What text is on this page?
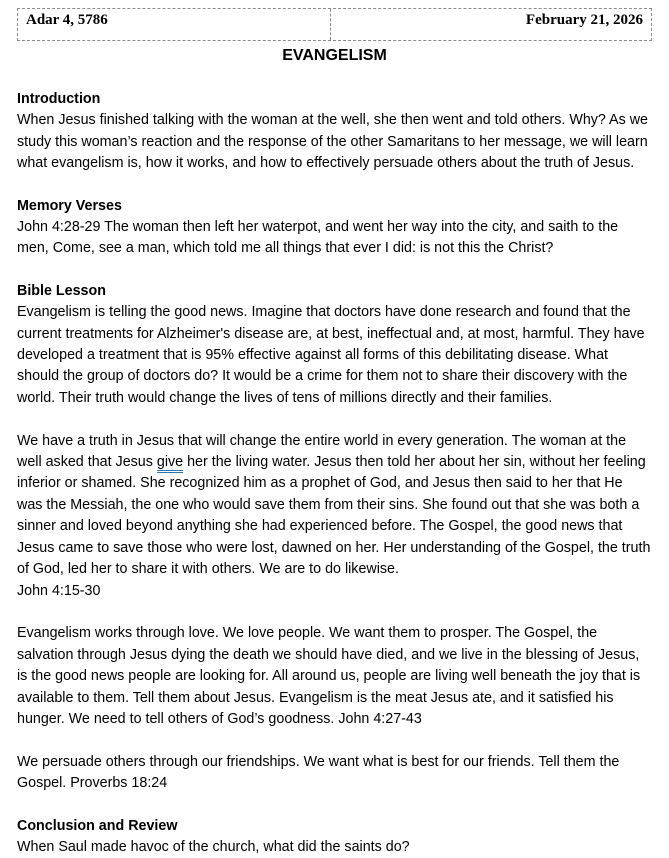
Adar 4, 5786	February 21, 2026
EVANGELISM
Introduction
When Jesus finished talking with the woman at the well, she then went and told others. Why? As we study this woman’s reaction and the response of the other Samaritans to her message, we will learn what evangelism is, how it works, and how to effectively persuade others about the truth of Jesus.
Memory Verses
John 4:28-29 The woman then left her waterpot, and went her way into the city, and saith to the men, Come, see a man, which told me all things that ever I did: is not this the Christ?
Bible Lesson
Evangelism is telling the good news. Imagine that doctors have done research and found that the current treatments for Alzheimer's disease are, at best, ineffectual and, at most, harmful. They have developed a treatment that is 95% effective against all forms of this debilitating disease. What should the group of doctors do? It would be a crime for them not to share their discovery with the world. Their truth would change the lives of tens of millions directly and their families.
We have a truth in Jesus that will change the entire world in every generation. The woman at the well asked that Jesus give her the living water. Jesus then told her about her sin, without her feeling inferior or shamed. She recognized him as a prophet of God, and Jesus then said to her that He was the Messiah, the one who would save them from their sins. She found out that she was both a sinner and loved beyond anything she had experienced before. The Gospel, the good news that Jesus came to save those who were lost, dawned on her. Her understanding of the Gospel, the truth of God, led her to share it with others. We are to do likewise.
John 4:15-30
Evangelism works through love. We love people. We want them to prosper. The Gospel, the salvation through Jesus dying the death we should have died, and we live in the blessing of Jesus, is the good news people are looking for. All around us, people are living well beneath the joy that is available to them. Tell them about Jesus. Evangelism is the meat Jesus ate, and it satisfied his hunger. We need to tell others of God’s goodness. John 4:27-43
We persuade others through our friendships. We want what is best for our friends. Tell them the Gospel. Proverbs 18:24
Conclusion and Review
When Saul made havoc of the church, what did the saints do?
